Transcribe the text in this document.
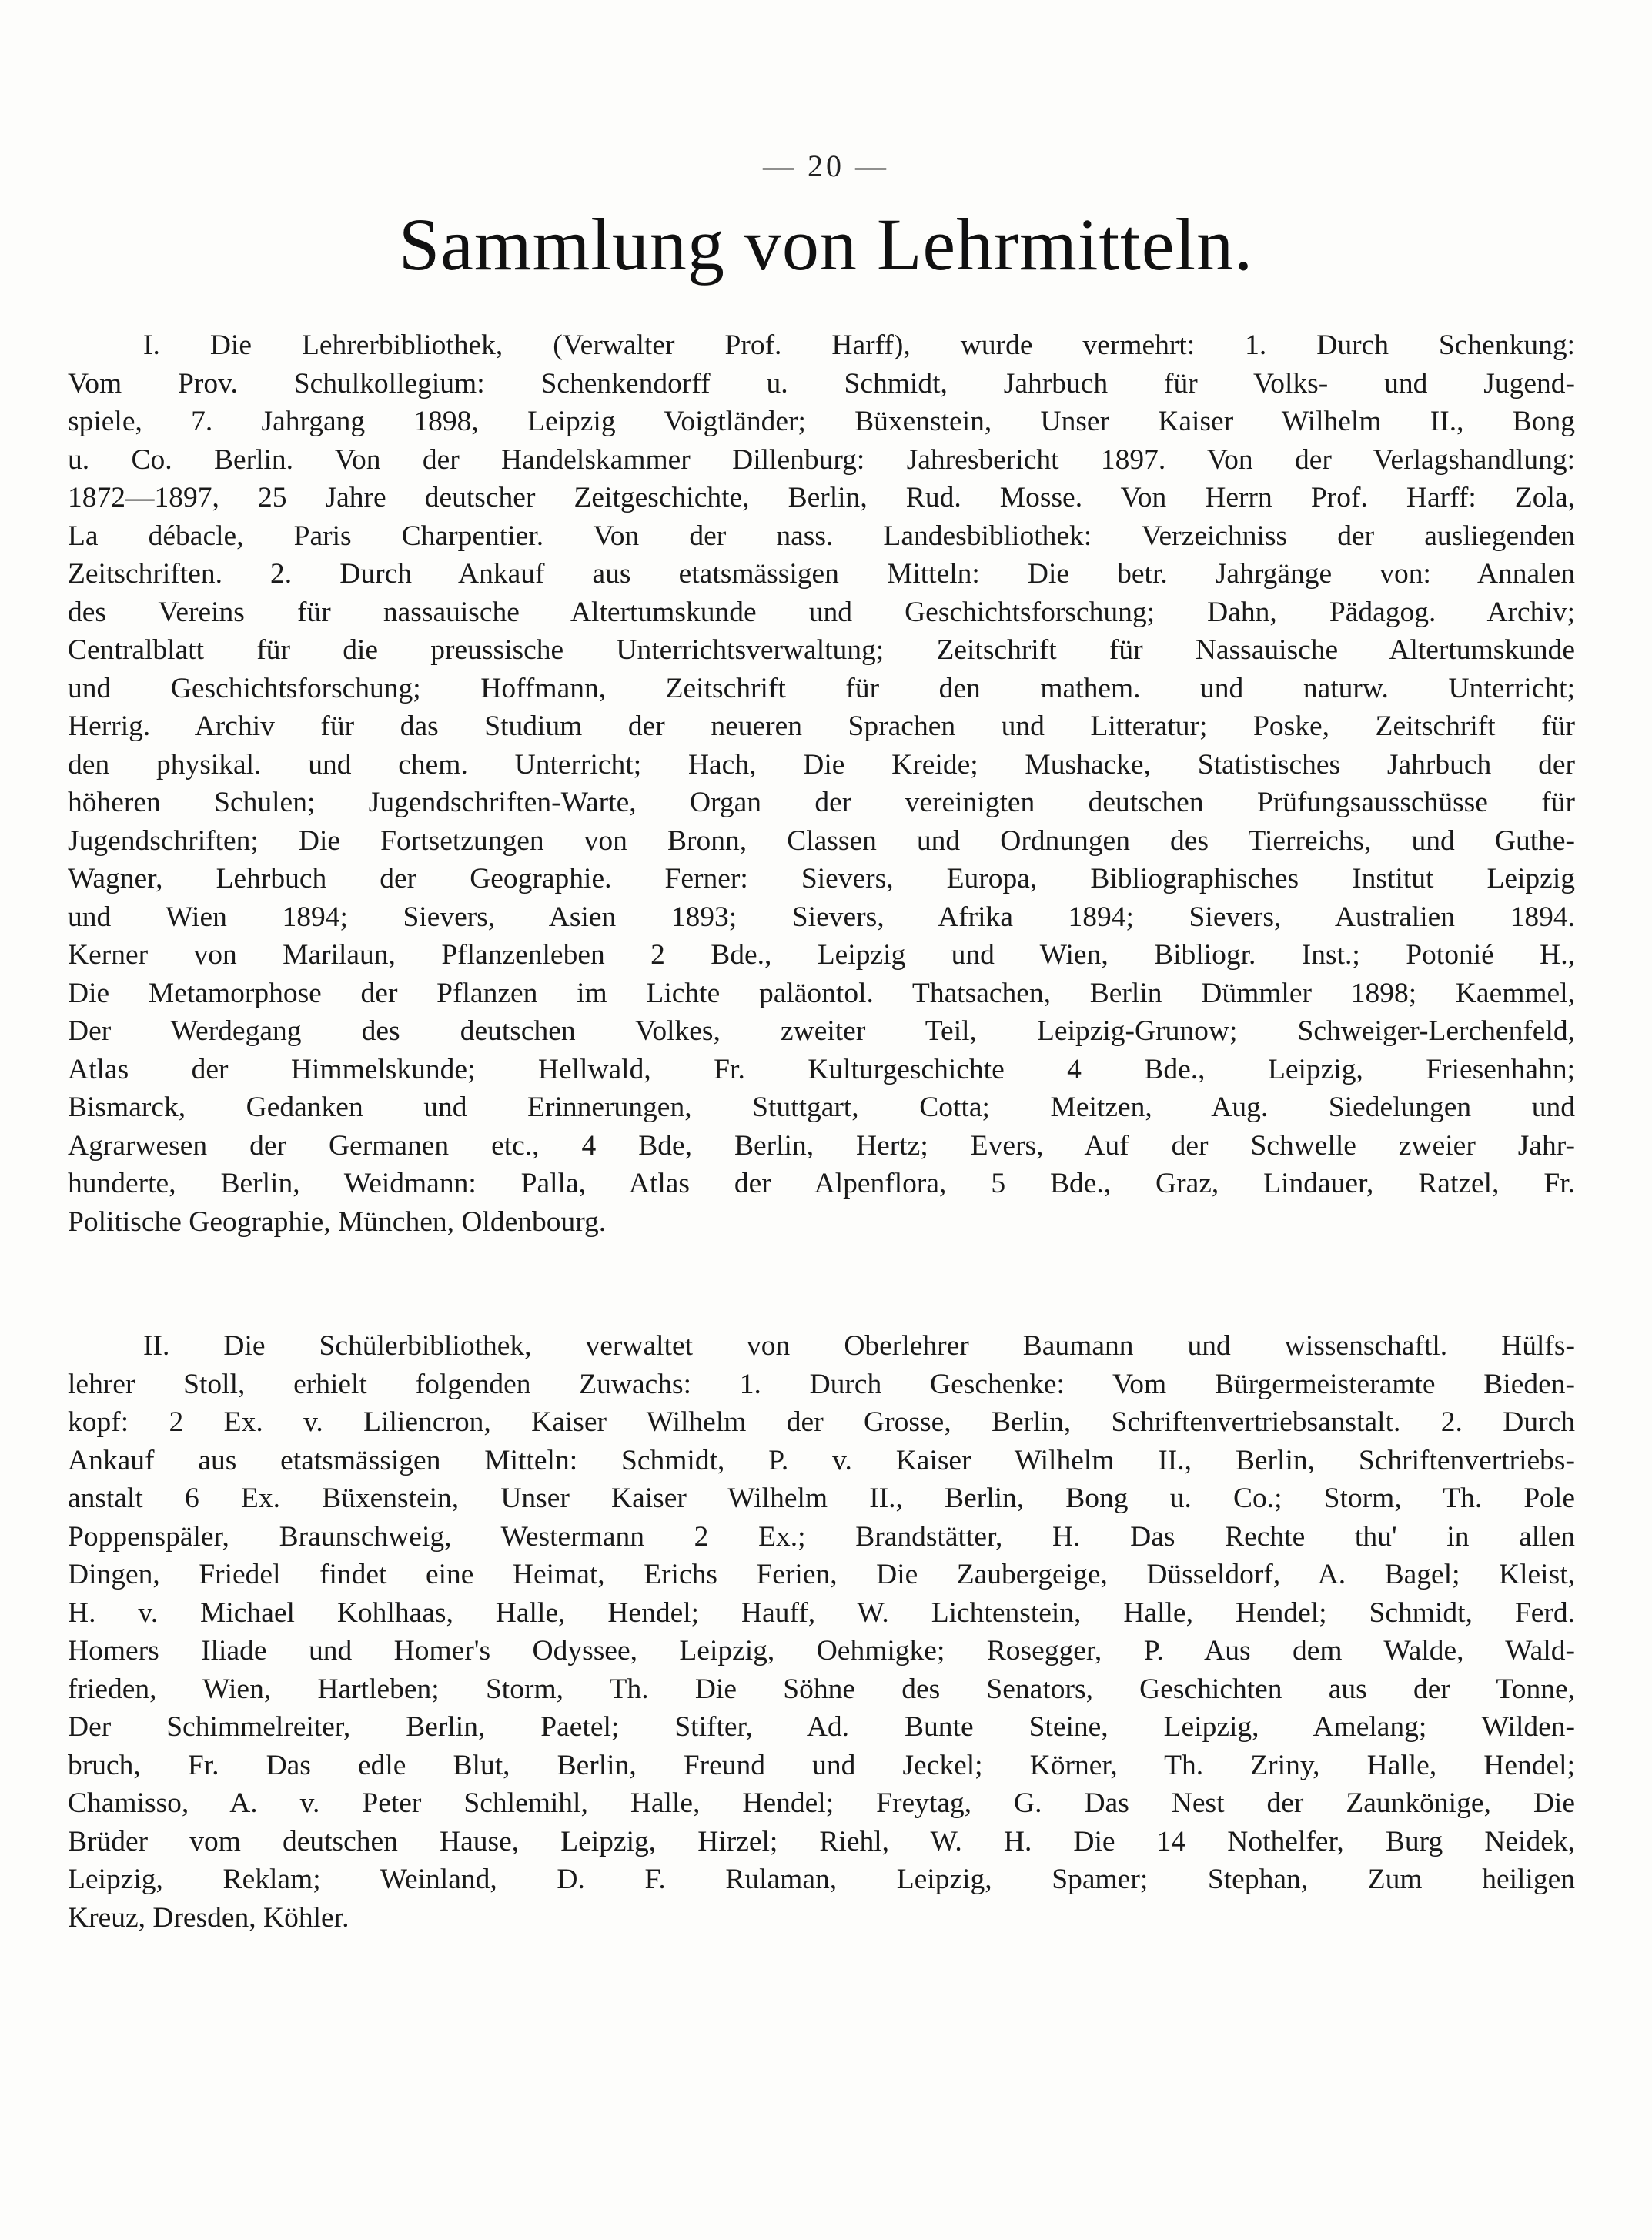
— 20 —
Sammlung von Lehrmitteln.
I. Die Lehrerbibliothek, (Verwalter Prof. Harff), wurde vermehrt: 1. Durch Schenkung:
Vom Prov. Schulkollegium: Schenkendorff u. Schmidt, Jahrbuch für Volks- und Jugend-
spiele, 7. Jahrgang 1898, Leipzig Voigtländer; Büxenstein, Unser Kaiser Wilhelm II., Bong
u. Co. Berlin. Von der Handelskammer Dillenburg: Jahresbericht 1897. Von der Verlagshandlung:
1872—1897, 25 Jahre deutscher Zeitgeschichte, Berlin, Rud. Mosse. Von Herrn Prof. Harff: Zola,
La débacle, Paris Charpentier. Von der nass. Landesbibliothek: Verzeichniss der ausliegenden
Zeitschriften. 2. Durch Ankauf aus etatsmässigen Mitteln: Die betr. Jahrgänge von: Annalen
des Vereins für nassauische Altertumskunde und Geschichtsforschung; Dahn, Pädagog. Archiv;
Centralblatt für die preussische Unterrichtsverwaltung; Zeitschrift für Nassauische Altertumskunde
und Geschichtsforschung; Hoffmann, Zeitschrift für den mathem. und naturw. Unterricht;
Herrig. Archiv für das Studium der neueren Sprachen und Litteratur; Poske, Zeitschrift für
den physikal. und chem. Unterricht; Hach, Die Kreide; Mushacke, Statistisches Jahrbuch der
höheren Schulen; Jugendschriften-Warte, Organ der vereinigten deutschen Prüfungsausschüsse für
Jugendschriften; Die Fortsetzungen von Bronn, Classen und Ordnungen des Tierreichs, und Guthe-
Wagner, Lehrbuch der Geographie. Ferner: Sievers, Europa, Bibliographisches Institut Leipzig
und Wien 1894; Sievers, Asien 1893; Sievers, Afrika 1894; Sievers, Australien 1894.
Kerner von Marilaun, Pflanzenleben 2 Bde., Leipzig und Wien, Bibliogr. Inst.; Potonié H.,
Die Metamorphose der Pflanzen im Lichte paläontol. Thatsachen, Berlin Dümmler 1898; Kaemmel,
Der Werdegang des deutschen Volkes, zweiter Teil, Leipzig-Grunow; Schweiger-Lerchenfeld,
Atlas der Himmelskunde; Hellwald, Fr. Kulturgeschichte 4 Bde., Leipzig, Friesenhahn;
Bismarck, Gedanken und Erinnerungen, Stuttgart, Cotta; Meitzen, Aug. Siedelungen und
Agrarwesen der Germanen etc., 4 Bde, Berlin, Hertz; Evers, Auf der Schwelle zweier Jahr-
hunderte, Berlin, Weidmann: Palla, Atlas der Alpenflora, 5 Bde., Graz, Lindauer, Ratzel, Fr.
Politische Geographie, München, Oldenbourg.
II. Die Schülerbibliothek, verwaltet von Oberlehrer Baumann und wissenschaftl. Hülfs-
lehrer Stoll, erhielt folgenden Zuwachs: 1. Durch Geschenke: Vom Bürgermeisteramte Bieden-
kopf: 2 Ex. v. Liliencron, Kaiser Wilhelm der Grosse, Berlin, Schriftenvertriebsanstalt. 2. Durch
Ankauf aus etatsmässigen Mitteln: Schmidt, P. v. Kaiser Wilhelm II., Berlin, Schriftenvertriebs-
anstalt 6 Ex. Büxenstein, Unser Kaiser Wilhelm II., Berlin, Bong u. Co.; Storm, Th. Pole
Poppenspäler, Braunschweig, Westermann 2 Ex.; Brandstätter, H. Das Rechte thu' in allen
Dingen, Friedel findet eine Heimat, Erichs Ferien, Die Zaubergeige, Düsseldorf, A. Bagel; Kleist,
H. v. Michael Kohlhaas, Halle, Hendel; Hauff, W. Lichtenstein, Halle, Hendel; Schmidt, Ferd.
Homers Iliade und Homer's Odyssee, Leipzig, Oehmigke; Rosegger, P. Aus dem Walde, Wald-
frieden, Wien, Hartleben; Storm, Th. Die Söhne des Senators, Geschichten aus der Tonne,
Der Schimmelreiter, Berlin, Paetel; Stifter, Ad. Bunte Steine, Leipzig, Amelang; Wilden-
bruch, Fr. Das edle Blut, Berlin, Freund und Jeckel; Körner, Th. Zriny, Halle, Hendel;
Chamisso, A. v. Peter Schlemihl, Halle, Hendel; Freytag, G. Das Nest der Zaunkönige, Die
Brüder vom deutschen Hause, Leipzig, Hirzel; Riehl, W. H. Die 14 Nothelfer, Burg Neidek,
Leipzig, Reklam; Weinland, D. F. Rulaman, Leipzig, Spamer; Stephan, Zum heiligen
Kreuz, Dresden, Köhler.
